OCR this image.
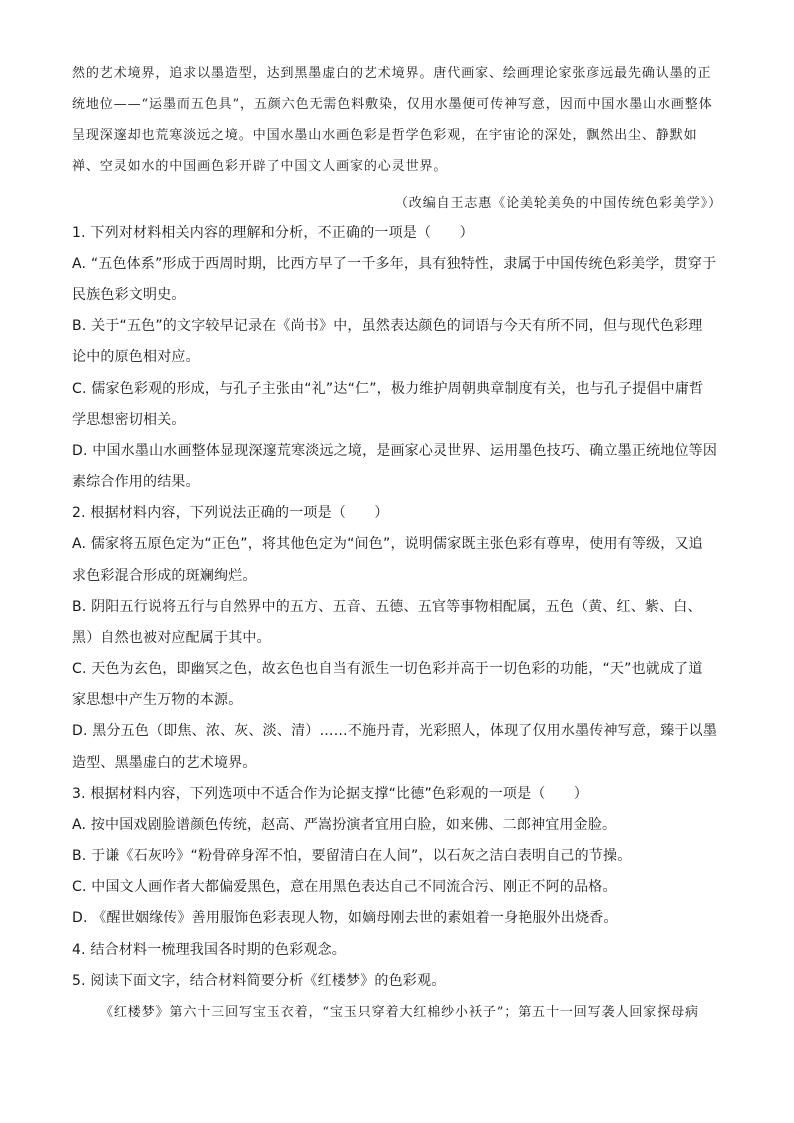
然的艺术境界，追求以墨造型，达到黑墨虚白的艺术境界。唐代画家、绘画理论家张彦远最先确认墨的正

统地位——“运墨而五色具”，五颜六色无需色料敷染，仅用水墨便可传神写意，因而中国水墨山水画整体

呈现深邃却也荒寒淡远之境。中国水墨山水画色彩是哲学色彩观，在宇宙论的深处，飘然出尘、静默如

禅、空灵如水的中国画色彩开辟了中国文人画家的心灵世界。

（改编自王志惠《论美轮美奂的中国传统色彩美学》）

1. 下列对材料相关内容的理解和分析，不正确的一项是（　　）

A. “五色体系”形成于西周时期，比西方早了一千多年，具有独特性，隶属于中国传统色彩美学，贯穿于

民族色彩文明史。

B. 关于“五色”的文字较早记录在《尚书》中，虽然表达颜色的词语与今天有所不同，但与现代色彩理

论中的原色相对应。

C. 儒家色彩观的形成，与孔子主张由“礼”达“仁”，极力维护周朝典章制度有关，也与孔子提倡中庸哲

学思想密切相关。

D. 中国水墨山水画整体显现深邃荒寒淡远之境，是画家心灵世界、运用墨色技巧、确立墨正统地位等因

素综合作用的结果。

2. 根据材料内容，下列说法正确的一项是（　　）

A. 儒家将五原色定为“正色”，将其他色定为“间色”，说明儒家既主张色彩有尊卑，使用有等级，又追

求色彩混合形成的斑斓绚烂。

B. 阴阳五行说将五行与自然界中的五方、五音、五德、五官等事物相配属，五色（黄、红、紫、白、

黑）自然也被对应配属于其中。

C. 天色为玄色，即幽冥之色，故玄色也自当有派生一切色彩并高于一切色彩的功能，“天”也就成了道

家思想中产生万物的本源。

D. 黑分五色（即焦、浓、灰、淡、清）……不施丹青，光彩照人，体现了仅用水墨传神写意，臻于以墨

造型、黑墨虚白的艺术境界。

3. 根据材料内容，下列选项中不适合作为论据支撑“比德”色彩观的一项是（　　）

A. 按中国戏剧脸谱颜色传统，赵高、严嵩扮演者宜用白脸，如来佛、二郎神宜用金脸。

B. 于谦《石灰吟》“粉骨碎身浑不怕，要留清白在人间”，以石灰之洁白表明自己的节操。

C. 中国文人画作者大都偏爱黑色，意在用黑色表达自己不同流合污、刚正不阿的品格。

D. 《醒世姻缘传》善用服饰色彩表现人物，如嫡母刚去世的素姐着一身艳服外出烧香。

4. 结合材料一梳理我国各时期的色彩观念。

5. 阅读下面文字，结合材料简要分析《红楼梦》的色彩观。

《红楼梦》第六十三回写宝玉衣着，“宝玉只穿着大红棉纱小袄子”；第五十一回写袭人回家探母病
